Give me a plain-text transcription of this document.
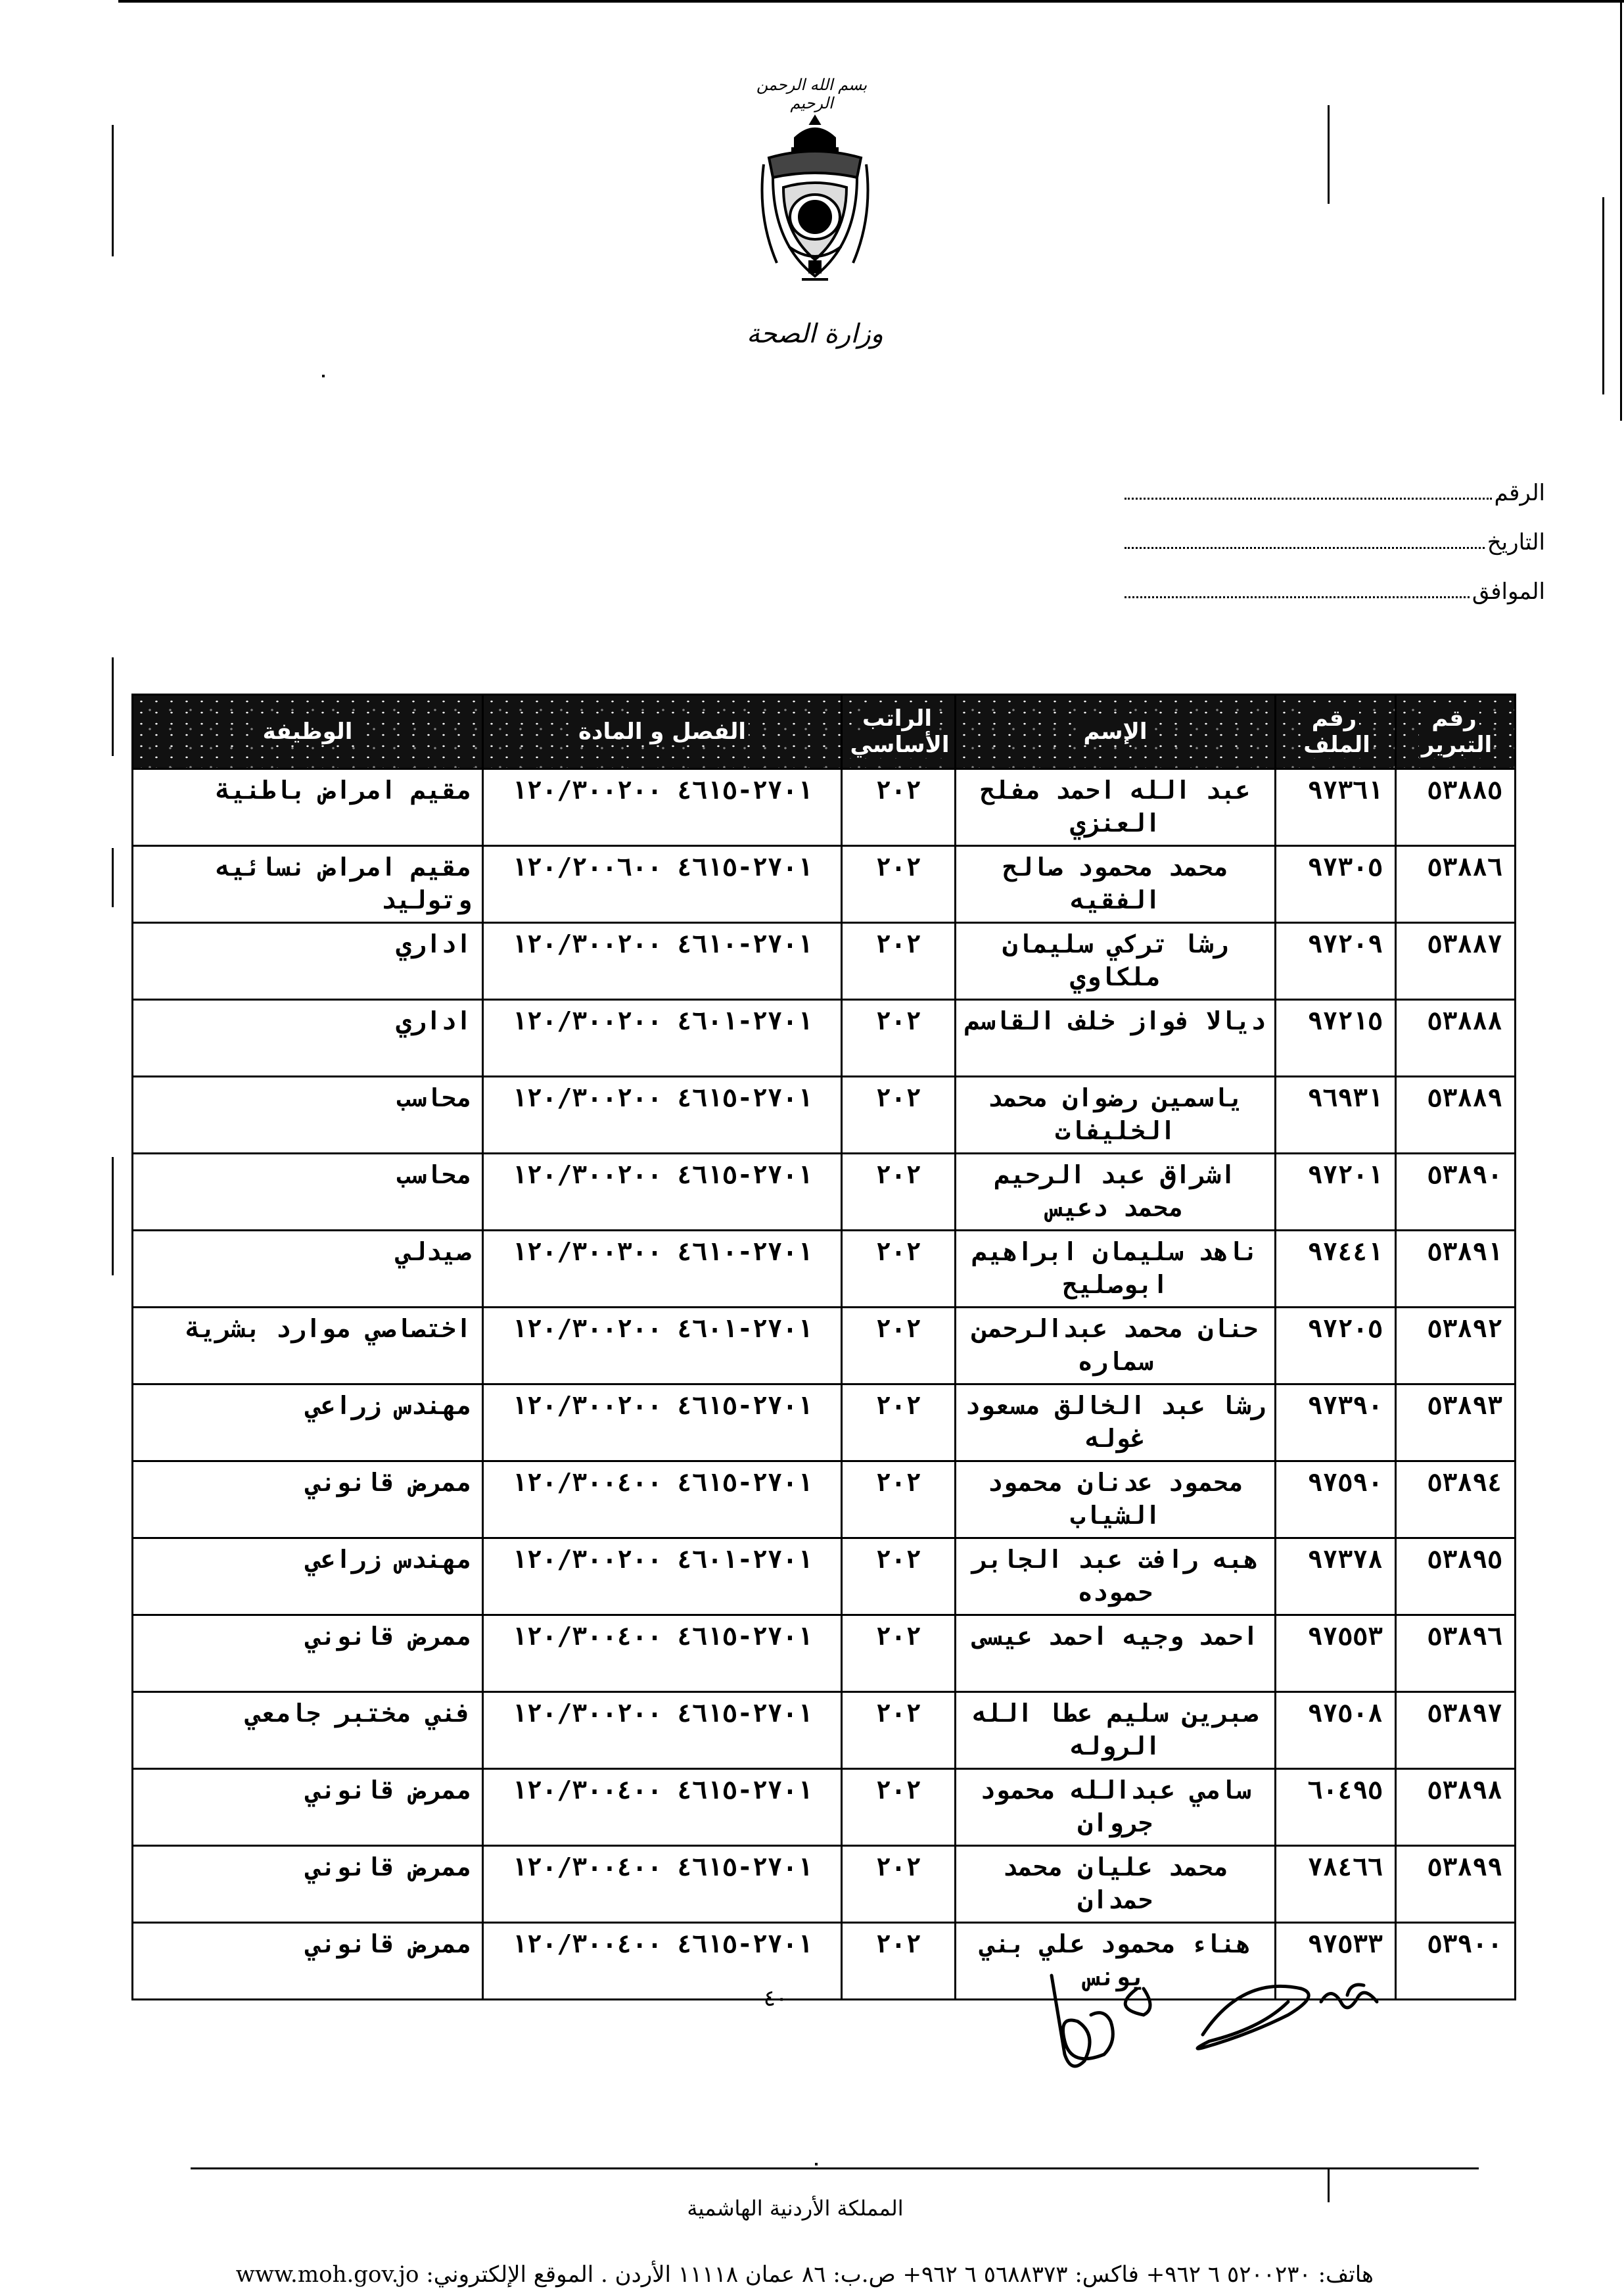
بسم الله الرحمن الرحيم
وزارة الصحة
الرقم
التاريخ
الموافق
رقم التبرير	رقم الملف	الإسم	الراتب الأساسي	الفصل و المادة	الوظيفة
٥٣٨٨٥	٩٧٣٦١	عبد الله احمد مفلح العنزي	٢٠٢	٢٧٠١-٤٦١٥ ١٢٠/٣٠٠٢٠٠	مقيم امراض باطنية
٥٣٨٨٦	٩٧٣٠٥	محمد محمود صالح الفقيه	٢٠٢	٢٧٠١-٤٦١٥ ١٢٠/٢٠٠٦٠٠	مقيم امراض نسائيه وتوليد
٥٣٨٨٧	٩٧٢٠٩	رشا تركي سليمان ملكاوي	٢٠٢	٢٧٠١-٤٦١٠ ١٢٠/٣٠٠٢٠٠	اداري
٥٣٨٨٨	٩٧٢١٥	ديالا فواز خلف القاسم	٢٠٢	٢٧٠١-٤٦٠١ ١٢٠/٣٠٠٢٠٠	اداري
٥٣٨٨٩	٩٦٩٣١	ياسمين رضوان محمد الخليفات	٢٠٢	٢٧٠١-٤٦١٥ ١٢٠/٣٠٠٢٠٠	محاسب
٥٣٨٩٠	٩٧٢٠١	اشراق عبد الرحيم محمد دعيس	٢٠٢	٢٧٠١-٤٦١٥ ١٢٠/٣٠٠٢٠٠	محاسب
٥٣٨٩١	٩٧٤٤١	ناهد سليمان ابراهيم ابوصليح	٢٠٢	٢٧٠١-٤٦١٠ ١٢٠/٣٠٠٣٠٠	صيدلي
٥٣٨٩٢	٩٧٢٠٥	حنان محمد عبدالرحمن سماره	٢٠٢	٢٧٠١-٤٦٠١ ١٢٠/٣٠٠٢٠٠	اختصاصي موارد بشرية
٥٣٨٩٣	٩٧٣٩٠	رشا عبد الخالق مسعود غوله	٢٠٢	٢٧٠١-٤٦١٥ ١٢٠/٣٠٠٢٠٠	مهندس زراعي
٥٣٨٩٤	٩٧٥٩٠	محمود عدنان محمود الشياب	٢٠٢	٢٧٠١-٤٦١٥ ١٢٠/٣٠٠٤٠٠	ممرض قانوني
٥٣٨٩٥	٩٧٣٧٨	هبه رافت عبد الجابر حموده	٢٠٢	٢٧٠١-٤٦٠١ ١٢٠/٣٠٠٢٠٠	مهندس زراعي
٥٣٨٩٦	٩٧٥٥٣	احمد وجيه احمد عيسى	٢٠٢	٢٧٠١-٤٦١٥ ١٢٠/٣٠٠٤٠٠	ممرض قانوني
٥٣٨٩٧	٩٧٥٠٨	صبرين سليم عطا الله الروله	٢٠٢	٢٧٠١-٤٦١٥ ١٢٠/٣٠٠٢٠٠	فني مختبر جامعي
٥٣٨٩٨	٦٠٤٩٥	سامي عبدالله محمود جروان	٢٠٢	٢٧٠١-٤٦١٥ ١٢٠/٣٠٠٤٠٠	ممرض قانوني
٥٣٨٩٩	٧٨٤٦٦	محمد عليان محمد حمدان	٢٠٢	٢٧٠١-٤٦١٥ ١٢٠/٣٠٠٤٠٠	ممرض قانوني
٥٣٩٠٠	٩٧٥٣٣	هناء محمود علي بني يونس	٢٠٢	٢٧٠١-٤٦١٥ ١٢٠/٣٠٠٤٠٠	ممرض قانوني
٤٠
المملكة الأردنية الهاشمية
هاتف: ٥٢٠٠٢٣٠ ٦ ٩٦٢+ فاكس: ٥٦٨٨٣٧٣ ٦ ٩٦٢+ ص.ب: ٨٦ عمان ١١١١٨ الأردن . الموقع الإلكتروني: www.moh.gov.jo
